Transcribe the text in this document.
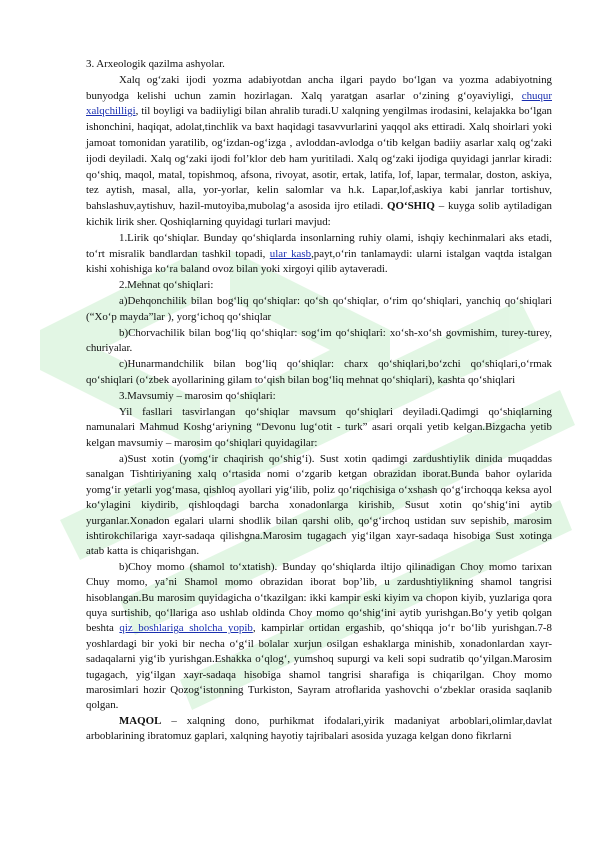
3. Arxeologik qazilma ashyolar.

Xalq og‘zaki ijodi yozma adabiyotdan ancha ilgari paydo bo‘lgan va yozma adabiyotning bunyodga kelishi uchun zamin hozirlagan. Xalq yaratgan asarlar o‘zining g‘oyaviyligi, chuqur xalqchilligi, til boyligi va badiiyligi bilan ahralib turadi.U xalqning yengilmas irodasini, kelajakka bo‘lgan ishonchini, haqiqat, adolat,tinchlik va baxt haqidagi tasavvurlarini yaqqol aks ettiradi. Xalq shoirlari yoki jamoat tomonidan yaratilib, og‘izdan-og‘izga , avloddan-avlodga o‘tib kelgan badiiy asarlar xalq og‘zaki ijodi deyiladi. Xalq og‘zaki ijodi fol’klor deb ham yuritiladi. Xalq og‘zaki ijodiga quyidagi janrlar kiradi: qo‘shiq, maqol, matal, topishmoq, afsona, rivoyat, asotir, ertak, latifa, lof, lapar, termalar, doston, askiya, tez aytish, masal, alla, yor-yorlar, kelin salomlar va h.k. Lapar,lof,askiya kabi janrlar tortishuv, bahslashuv,aytishuv, hazil-mutoyiba,mubolag‘a asosida ijro etiladi. QO‘SHIQ – kuyga solib aytiladigan kichik lirik sher. Qoshiqlarning quyidagi turlari mavjud:

1.Lirik qo‘shiqlar. Bunday qo‘shiqlarda insonlarning ruhiy olami, ishqiy kechinmalari aks etadi, to‘rt misralik bandlardan tashkil topadi, ular kasb,payt,o‘rin tanlamaydi: ularni istalgan vaqtda istalgan kishi xohishiga ko‘ra baland ovoz bilan yoki xirgoyi qilib aytaveradi.

2.Mehnat qo‘shiqlari:

a)Dehqonchilik bilan bog‘liq qo‘shiqlar: qo‘sh qo‘shiqlar, o‘rim qo‘shiqlari, yanchiq qo‘shiqlari (“Xo‘p mayda”lar ), yorg‘ichoq qo‘shiqlar

b)Chorvachilik bilan bog‘liq qo‘shiqlar: sog‘im qo‘shiqlari: xo‘sh-xo‘sh govmishim, turey-turey, churiyalar.

c)Hunarmandchilik bilan bog‘liq qo‘shiqlar: charx qo‘shiqlari,bo‘zchi qo‘shiqlari,o‘rmak qo‘shiqlari (o‘zbek ayollarining gilam to‘qish bilan bog‘liq mehnat qo‘shiqlari), kashta qo‘shiqlari

3.Mavsumiy – marosim qo‘shiqlari:

Yil fasllari tasvirlangan qo‘shiqlar mavsum qo‘shiqlari deyiladi.Qadimgi qo‘shiqlarning namunalari Mahmud Koshg‘ariyning “Devonu lug‘otit - turk” asari orqali yetib kelgan.Bizgacha yetib kelgan mavsumiy – marosim qo‘shiqlari quyidagilar:

a)Sust xotin (yomg‘ir chaqirish qo‘shig‘i). Sust xotin qadimgi zardushtiylik dinida muqaddas sanalgan Tishtiriyaning xalq o‘rtasida nomi o‘zgarib ketgan obrazidan iborat.Bunda bahor oylarida yomg‘ir yetarli yog‘masa, qishloq ayollari yig‘ilib, poliz qo‘riqchisiga o‘xshash qo‘g‘irchoqqa keksa ayol ko‘ylagini kiydirib, qishloqdagi barcha xonadonlarga kirishib, Susut xotin qo‘shig‘ini aytib yurganlar.Xonadon egalari ularni shodlik bilan qarshi olib, qo‘g‘irchoq ustidan suv sepishib, marosim ishtirokchilariga xayr-sadaqa qilishgna.Marosim tugagach yig‘ilgan xayr-sadaqa hisobiga Sust xotinga atab katta is chiqarishgan.

b)Choy momo (shamol to‘xtatish). Bunday qo‘shiqlarda iltijo qilinadigan Choy momo tarixan Chuy momo, ya’ni Shamol momo obrazidan iborat bop’lib, u zardushtiylikning shamol tangrisi hisoblangan.Bu marosim quyidagicha o‘tkazilgan: ikki kampir eski kiyim va chopon kiyib, yuzlariga qora quya surtishib, qo‘llariga aso ushlab oldinda Choy momo qo‘shig‘ini aytib yurishgan.Bo‘y yetib qolgan beshta qiz boshlariga sholcha yopib, kampirlar ortidan ergashib, qo‘shiqqa jo‘r bo‘lib yurishgan.7-8 yoshlardagi bir yoki bir necha o‘g‘il bolalar xurjun osilgan eshaklarga minishib, xonadonlardan xayr-sadaqalarni yig‘ib yurishgan.Eshakka o‘qlog‘, yumshoq supurgi va keli sopi sudratib qo‘yilgan.Marosim tugagach, yig‘ilgan xayr-sadaqa hisobiga shamol tangrisi sharafiga is chiqarilgan. Choy momo marosimlari hozir Qozog‘istonning Turkiston, Sayram atroflarida yashovchi o‘zbeklar orasida saqlanib qolgan.

MAQOL – xalqning dono, purhikmat ifodalari,yirik madaniyat arboblari,olimlar,davlat arboblarining ibratomuz gaplari, xalqning hayotiy tajribalari asosida yuzaga kelgan dono fikrlarni
